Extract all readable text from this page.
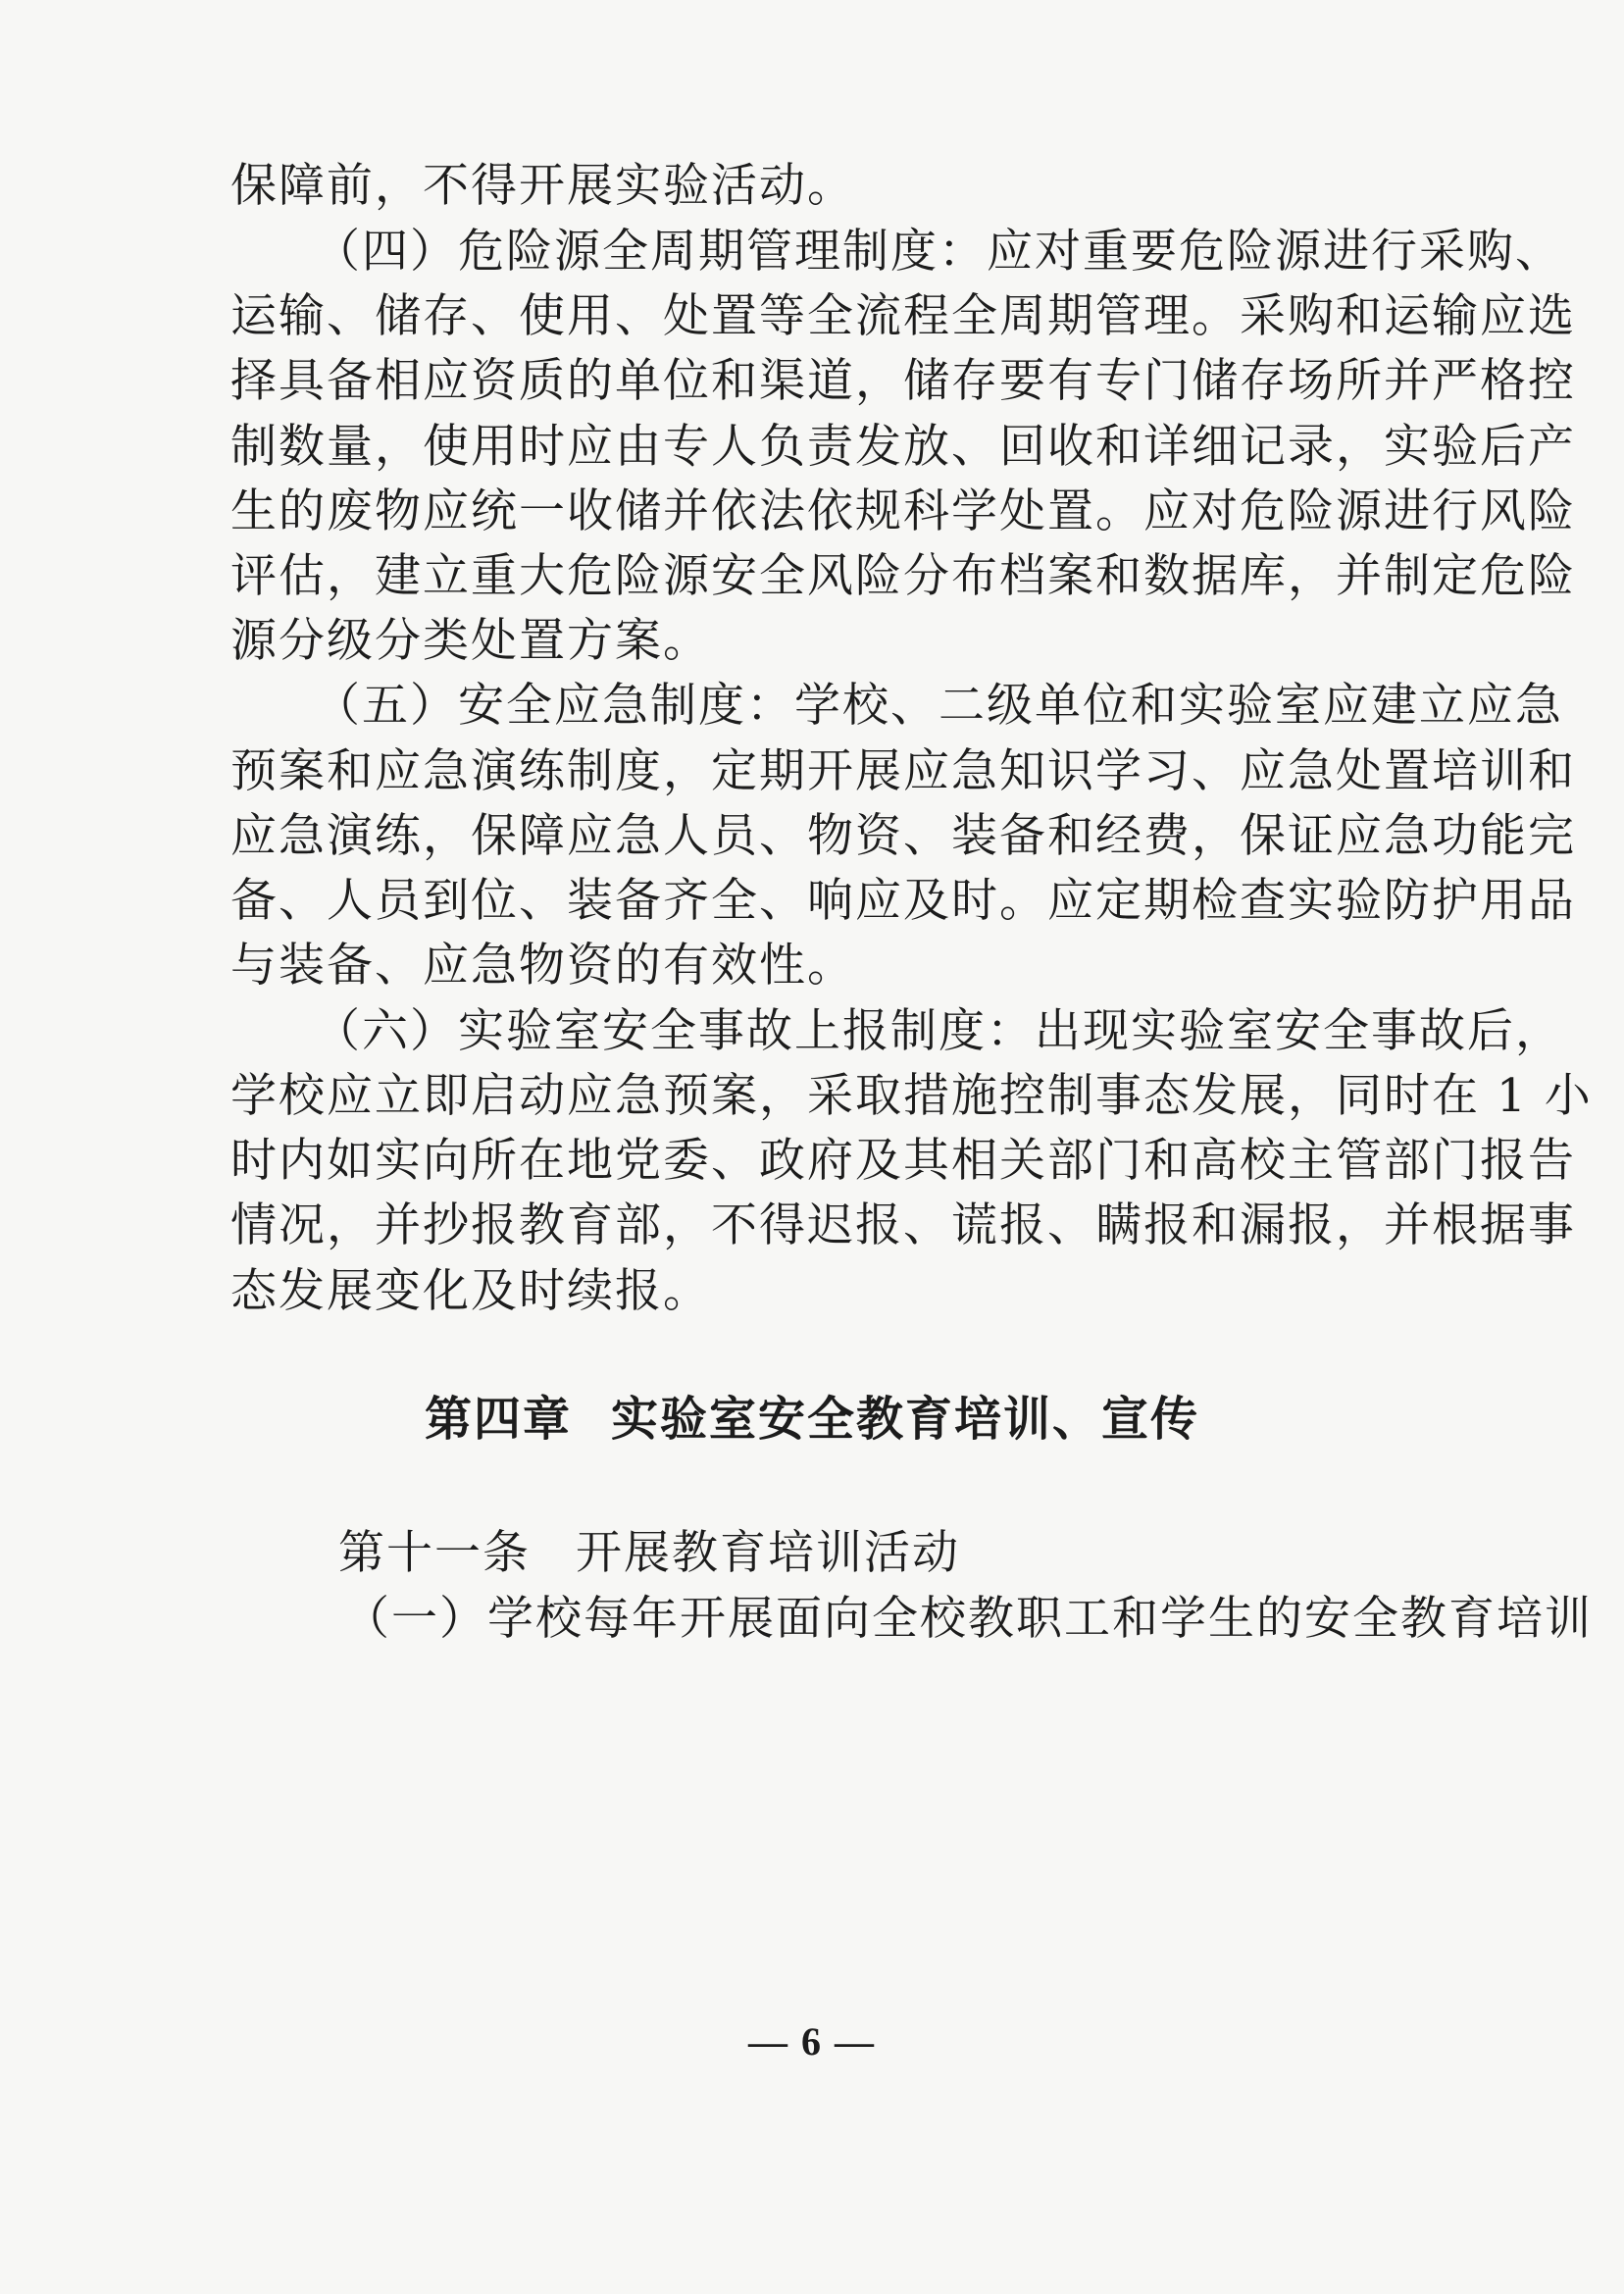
保障前，不得开展实验活动。
（四）危险源全周期管理制度：应对重要危险源进行采购、
运输、储存、使用、处置等全流程全周期管理。采购和运输应选
择具备相应资质的单位和渠道，储存要有专门储存场所并严格控
制数量，使用时应由专人负责发放、回收和详细记录，实验后产
生的废物应统一收储并依法依规科学处置。应对危险源进行风险
评估，建立重大危险源安全风险分布档案和数据库，并制定危险
源分级分类处置方案。
（五）安全应急制度：学校、二级单位和实验室应建立应急
预案和应急演练制度，定期开展应急知识学习、应急处置培训和
应急演练，保障应急人员、物资、装备和经费，保证应急功能完
备、人员到位、装备齐全、响应及时。应定期检查实验防护用品
与装备、应急物资的有效性。
（六）实验室安全事故上报制度：出现实验室安全事故后，
学校应立即启动应急预案，采取措施控制事态发展，同时在 1 小
时内如实向所在地党委、政府及其相关部门和高校主管部门报告
情况，并抄报教育部，不得迟报、谎报、瞒报和漏报，并根据事
态发展变化及时续报。
第四章 实验室安全教育培训、宣传
第十一条 开展教育培训活动
（一）学校每年开展面向全校教职工和学生的安全教育培训
— 6 —
